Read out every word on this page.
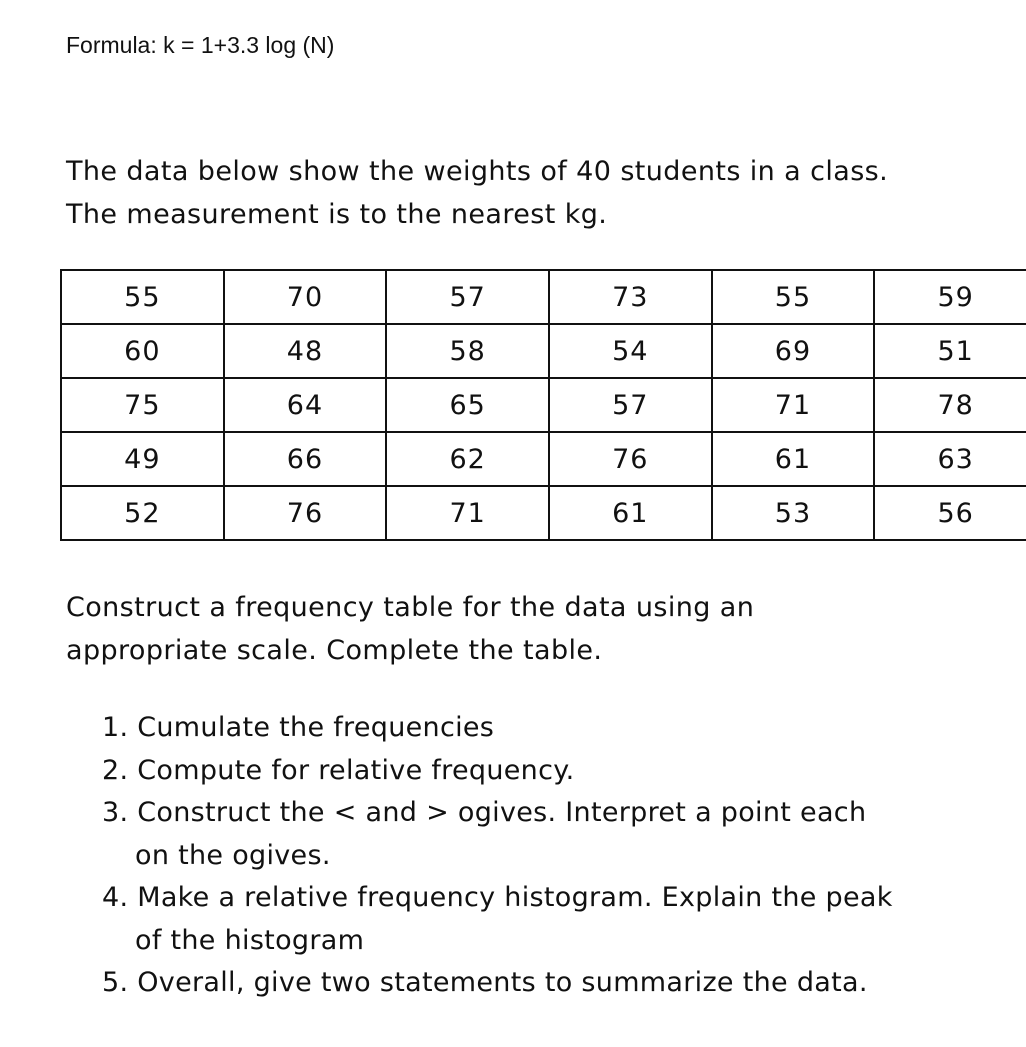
Formula: k = 1+3.3 log (N)
The data below show the weights of 40 students in a class.
The measurement is to the nearest kg.
55	70	57	73	55	59
60	48	58	54	69	51
75	64	65	57	71	78
49	66	62	76	61	63
52	76	71	61	53	56
Construct a frequency table for the data using an
appropriate scale. Complete the table.
1. Cumulate the frequencies
2. Compute for relative frequency.
3. Construct the < and > ogives. Interpret a point each
on the ogives.
4. Make a relative frequency histogram. Explain the peak
of the histogram
5. Overall, give two statements to summarize the data.
